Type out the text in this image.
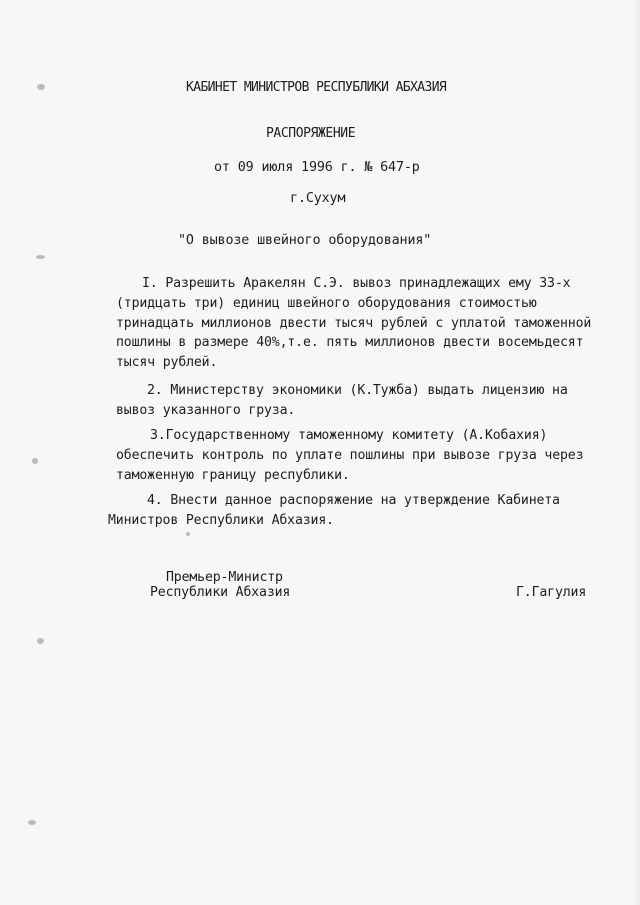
КАБИНЕТ МИНИСТРОВ РЕСПУБЛИКИ АБХАЗИЯ
РАСПОРЯЖЕНИЕ
от 09 июля 1996 г. № 647-р
г.Сухум
"О вывозе швейного оборудования"
I. Разрешить Аракелян С.Э. вывоз принадлежащих ему 33-х
(тридцать три) единиц швейного оборудования стоимостью
тринадцать миллионов двести тысяч рублей с уплатой таможенной
пошлины в размере 40%,т.е. пять миллионов двести восемьдесят
тысяч рублей.
2. Министерству экономики (К.Тужба) выдать лицензию на
вывоз указанного груза.
3.Государственному таможенному комитету (А.Кобахия)
обеспечить контроль по уплате пошлины при вывозе груза через
таможенную границу республики.
4. Внести данное распоряжение на утверждение Кабинета
Министров Республики Абхазия.
Премьер-Министр
Республики Абхазия	Г.Гагулия
